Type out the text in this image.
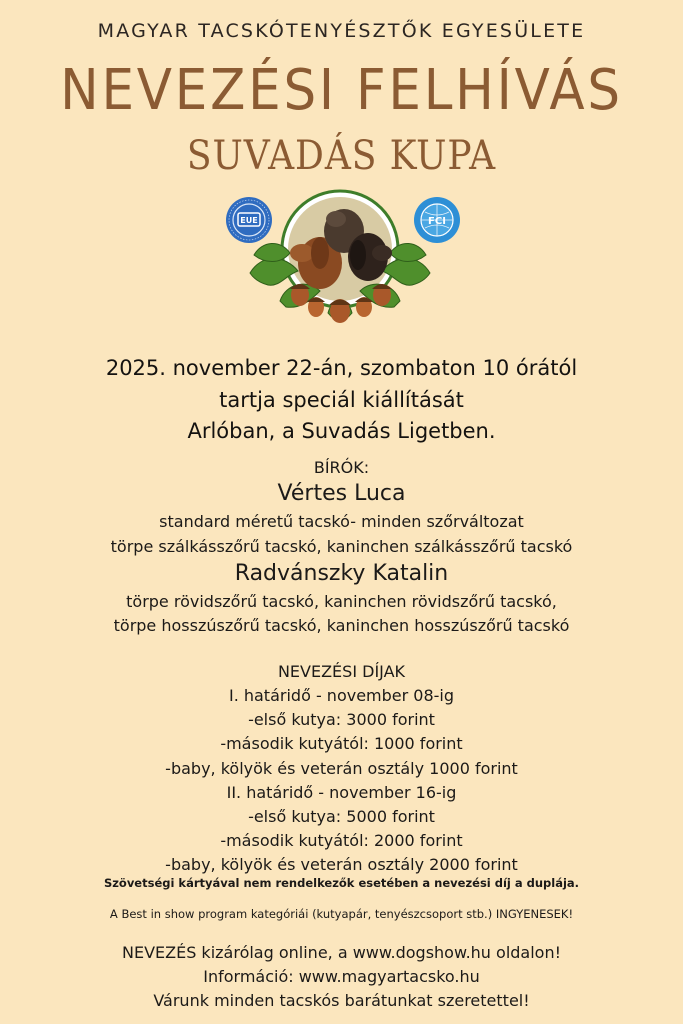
MAGYAR TACSKÓTENYÉSZTŐK EGYESÜLETE
NEVEZÉSI FELHÍVÁS
SUVADÁS KUPA
EUE	FCI
2025. november 22-án, szombaton 10 órától
tartja speciál kiállítását
Arlóban, a Suvadás Ligetben.
BÍRÓK:
Vértes Luca
standard méretű tacskó- minden szőrváltozat
törpe szálkásszőrű tacskó, kaninchen szálkásszőrű tacskó
Radvánszky Katalin
törpe rövidszőrű tacskó, kaninchen rövidszőrű tacskó,
törpe hosszúszőrű tacskó, kaninchen hosszúszőrű tacskó
NEVEZÉSI DÍJAK
I. határidő - november 08-ig
-első kutya: 3000 forint
-második kutyától: 1000 forint
-baby, kölyök és veterán osztály 1000 forint
II. határidő - november 16-ig
-első kutya: 5000 forint
-második kutyától: 2000 forint
-baby, kölyök és veterán osztály 2000 forint
Szövetségi kártyával nem rendelkezők esetében a nevezési díj a duplája.
A Best in show program kategóriái (kutyapár, tenyészcsoport stb.) INGYENESEK!
NEVEZÉS kizárólag online, a www.dogshow.hu oldalon!
Információ: www.magyartacsko.hu
Várunk minden tacskós barátunkat szeretettel!
